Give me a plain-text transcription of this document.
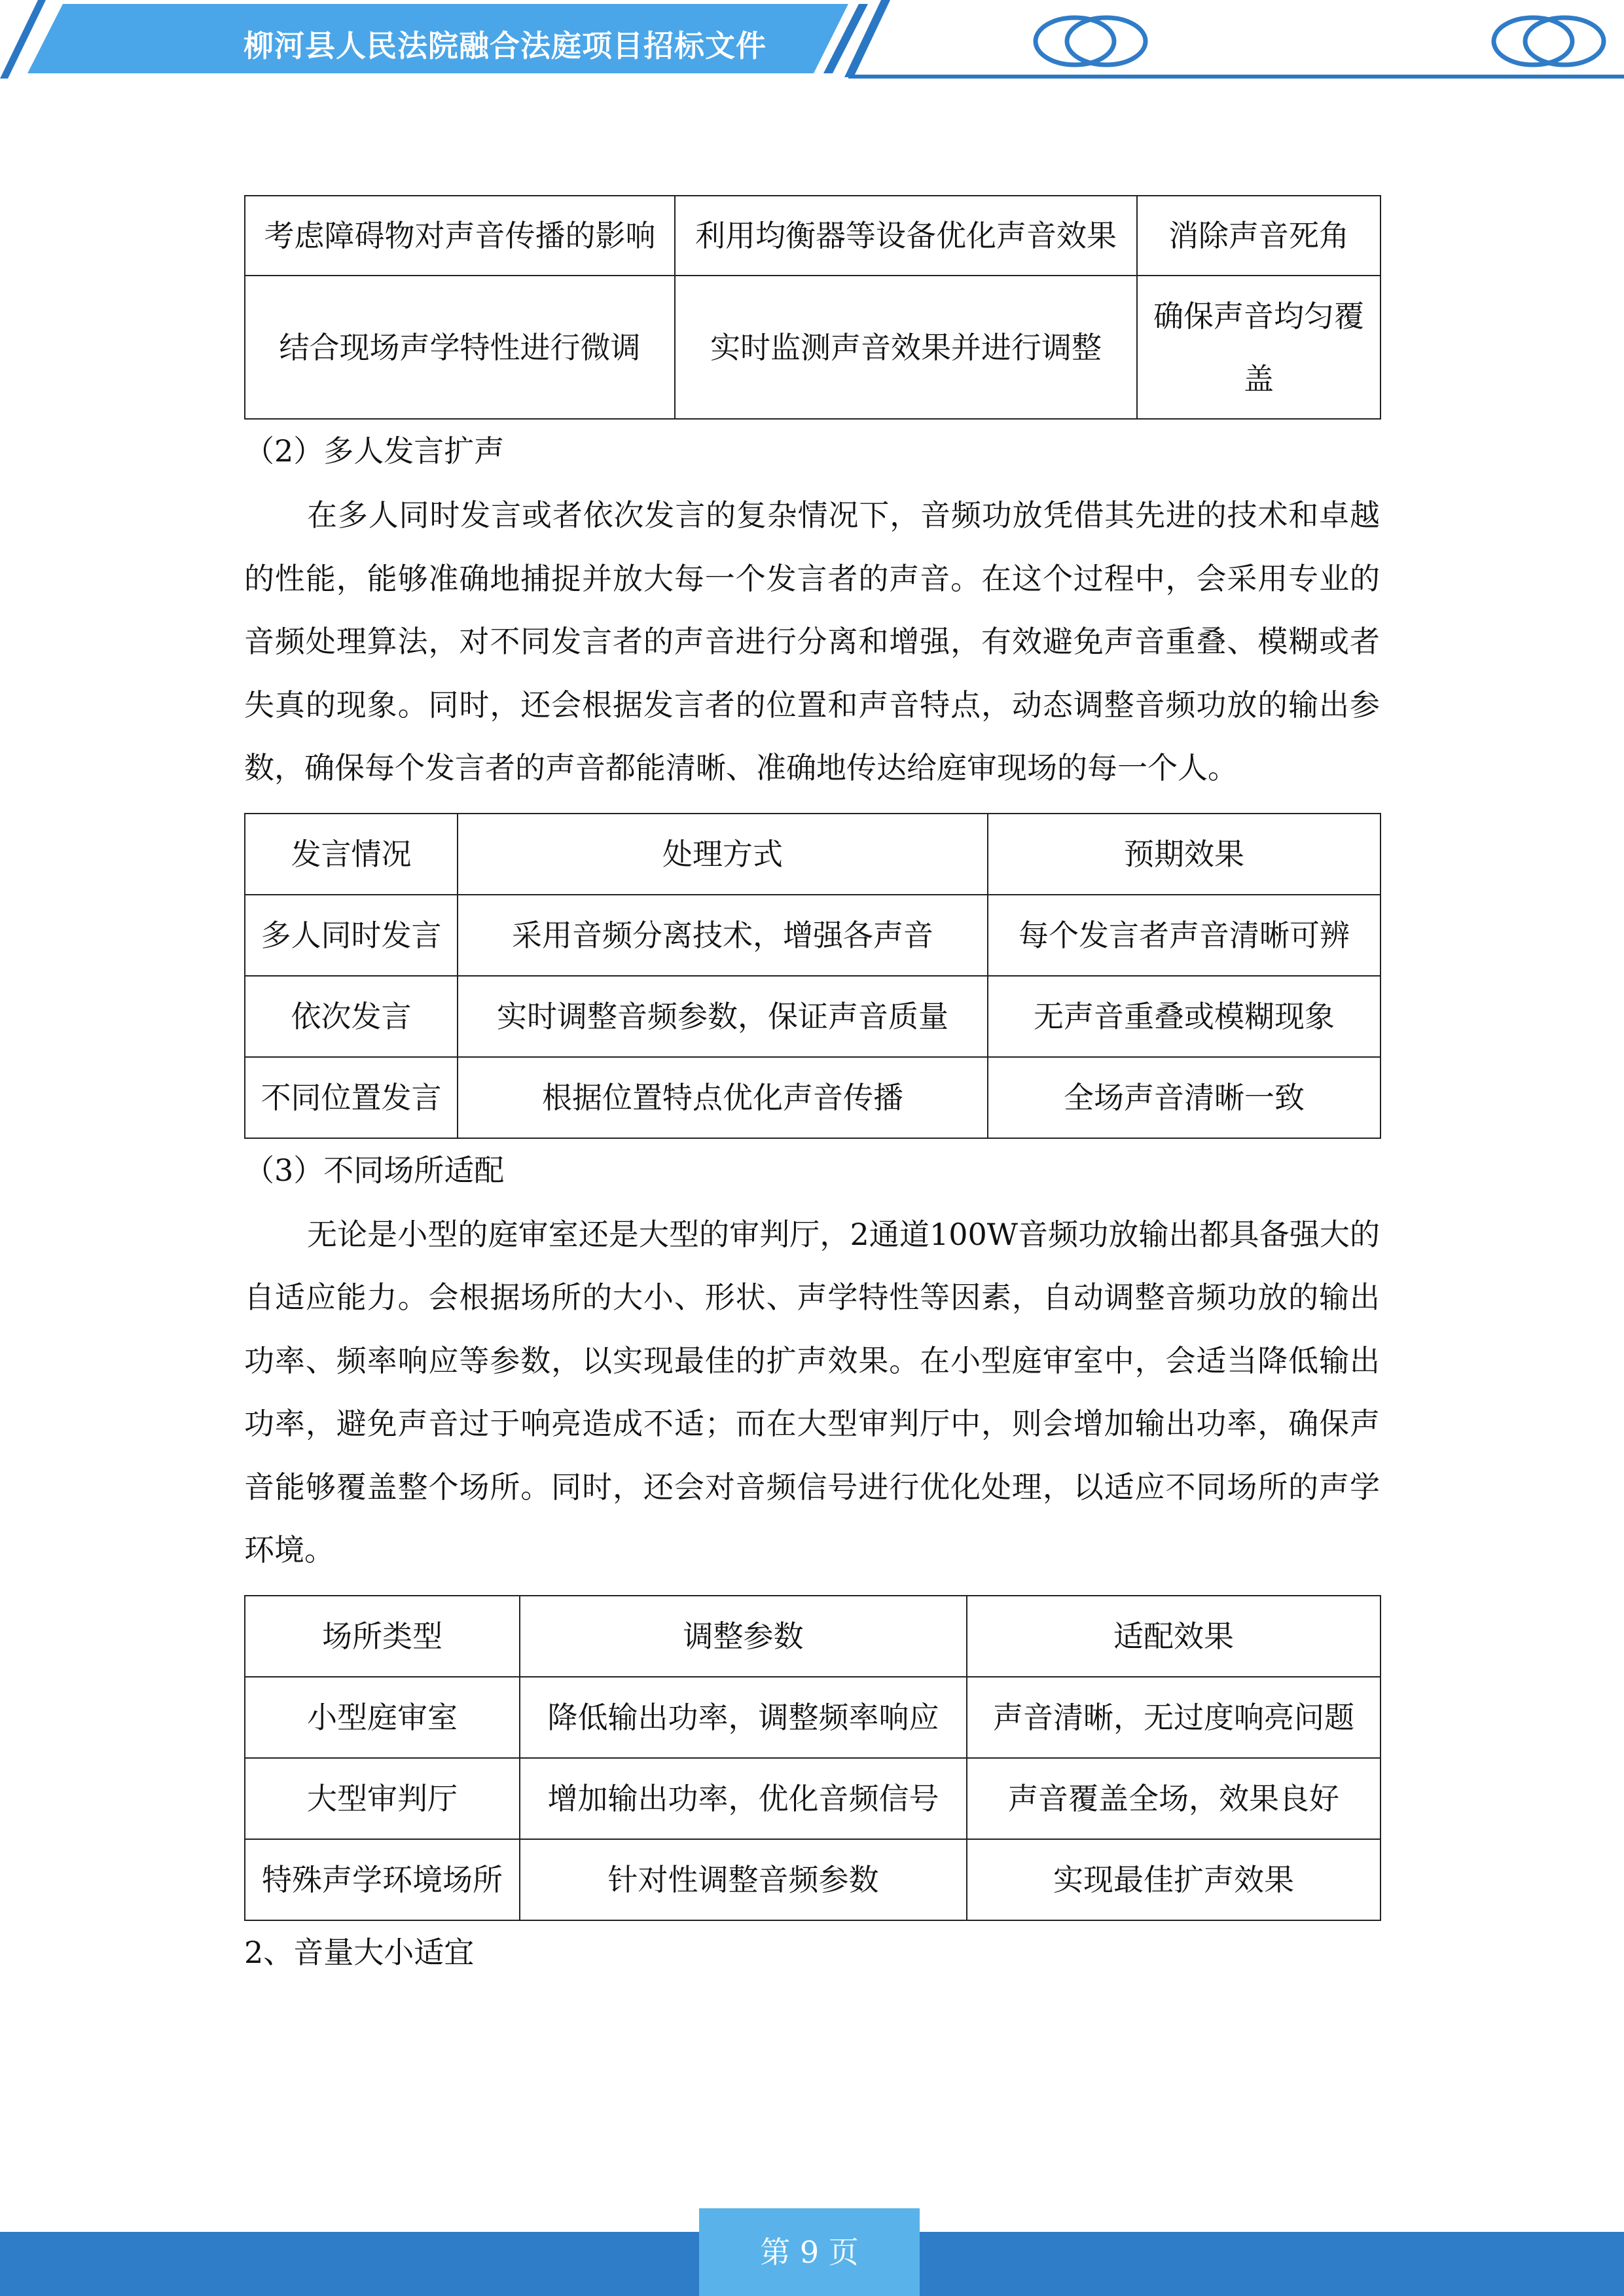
柳河县人民法院融合法庭项目招标文件
考虑障碍物对声音传播的影响	利用均衡器等设备优化声音效果	消除声音死角
结合现场声学特性进行微调	实时监测声音效果并进行调整	确保声音均匀覆盖
（2）多人发言扩声

在多人同时发言或者依次发言的复杂情况下，音频功放凭借其先进的技术和卓越的性能，能够准确地捕捉并放大每一个发言者的声音。在这个过程中，会采用专业的音频处理算法，对不同发言者的声音进行分离和增强，有效避免声音重叠、模糊或者失真的现象。同时，还会根据发言者的位置和声音特点，动态调整音频功放的输出参数，确保每个发言者的声音都能清晰、准确地传达给庭审现场的每一个人。

发言情况	处理方式	预期效果
多人同时发言	采用音频分离技术，增强各声音	每个发言者声音清晰可辨
依次发言	实时调整音频参数，保证声音质量	无声音重叠或模糊现象
不同位置发言	根据位置特点优化声音传播	全场声音清晰一致
（3）不同场所适配

无论是小型的庭审室还是大型的审判厅，2通道100W音频功放输出都具备强大的自适应能力。会根据场所的大小、形状、声学特性等因素，自动调整音频功放的输出功率、频率响应等参数，以实现最佳的扩声效果。在小型庭审室中，会适当降低输出功率，避免声音过于响亮造成不适；而在大型审判厅中，则会增加输出功率，确保声音能够覆盖整个场所。同时，还会对音频信号进行优化处理，以适应不同场所的声学环境。

场所类型	调整参数	适配效果
小型庭审室	降低输出功率，调整频率响应	声音清晰，无过度响亮问题
大型审判厅	增加输出功率，优化音频信号	声音覆盖全场，效果良好
特殊声学环境场所	针对性调整音频参数	实现最佳扩声效果
2、音量大小适宜
第 9 页
